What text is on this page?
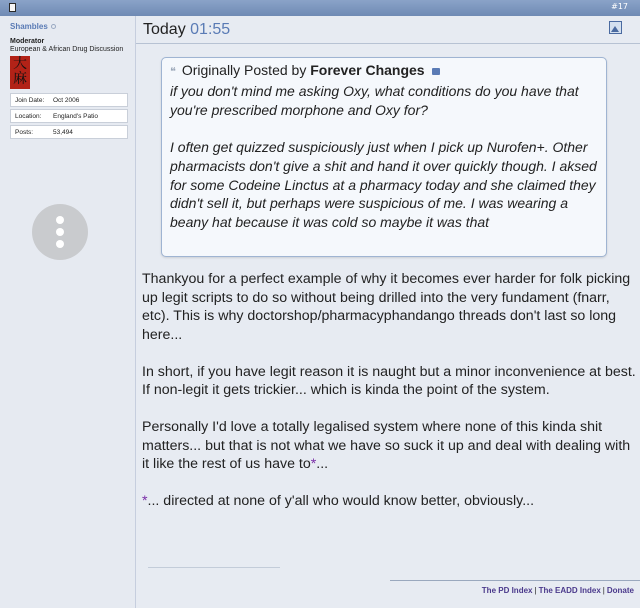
#17
Shambles
Moderator
European & African Drug Discussion
大麻
Join Date: Oct 2006
Location: England's Patio
Posts:	53,494
Today 01:55
❝ Originally Posted by Forever Changes

if you don't mind me asking Oxy, what conditions do you have that you're prescribed morphone and Oxy for?

I often get quizzed suspiciously just when I pick up Nurofen+. Other pharmacists don't give a shit and hand it over quickly though. I aksed for some Codeine Linctus at a pharmacy today and she claimed they didn't sell it, but perhaps were suspicious of me. I was wearing a beany hat because it was cold so maybe it was that

Thankyou for a perfect example of why it becomes ever harder for folk picking up legit scripts to do so without being drilled into the very fundament (fnarr, etc). This is why doctorshop/pharmacyphandango threads don't last so long here...

In short, if you have legit reason it is naught but a minor inconvenience at best. If non-legit it gets trickier... which is kinda the point of the system.

Personally I'd love a totally legalised system where none of this kinda shit matters... but that is not what we have so suck it up and deal with dealing with it like the rest of us have to*...

*... directed at none of y'all who would know better, obviously...

The PD Index | The EADD Index | Donate
